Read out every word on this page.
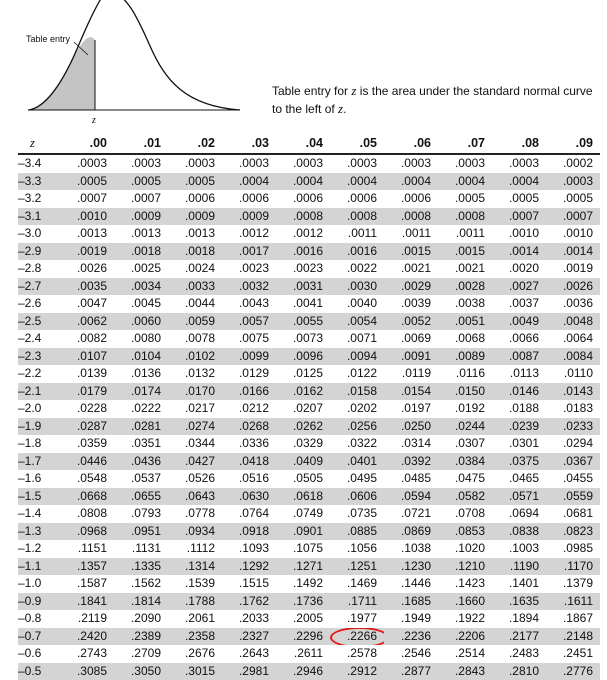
Table entry
z
Table entry for z is the area under the standard normal curve to the left of z.
z	.00	.01	.02	.03	.04	.05	.06	.07	.08	.09
–3.4	.0003	.0003	.0003	.0003	.0003	.0003	.0003	.0003	.0003	.0002
–3.3	.0005	.0005	.0005	.0004	.0004	.0004	.0004	.0004	.0004	.0003
–3.2	.0007	.0007	.0006	.0006	.0006	.0006	.0006	.0005	.0005	.0005
–3.1	.0010	.0009	.0009	.0009	.0008	.0008	.0008	.0008	.0007	.0007
–3.0	.0013	.0013	.0013	.0012	.0012	.0011	.0011	.0011	.0010	.0010
–2.9	.0019	.0018	.0018	.0017	.0016	.0016	.0015	.0015	.0014	.0014
–2.8	.0026	.0025	.0024	.0023	.0023	.0022	.0021	.0021	.0020	.0019
–2.7	.0035	.0034	.0033	.0032	.0031	.0030	.0029	.0028	.0027	.0026
–2.6	.0047	.0045	.0044	.0043	.0041	.0040	.0039	.0038	.0037	.0036
–2.5	.0062	.0060	.0059	.0057	.0055	.0054	.0052	.0051	.0049	.0048
–2.4	.0082	.0080	.0078	.0075	.0073	.0071	.0069	.0068	.0066	.0064
–2.3	.0107	.0104	.0102	.0099	.0096	.0094	.0091	.0089	.0087	.0084
–2.2	.0139	.0136	.0132	.0129	.0125	.0122	.0119	.0116	.0113	.0110
–2.1	.0179	.0174	.0170	.0166	.0162	.0158	.0154	.0150	.0146	.0143
–2.0	.0228	.0222	.0217	.0212	.0207	.0202	.0197	.0192	.0188	.0183
–1.9	.0287	.0281	.0274	.0268	.0262	.0256	.0250	.0244	.0239	.0233
–1.8	.0359	.0351	.0344	.0336	.0329	.0322	.0314	.0307	.0301	.0294
–1.7	.0446	.0436	.0427	.0418	.0409	.0401	.0392	.0384	.0375	.0367
–1.6	.0548	.0537	.0526	.0516	.0505	.0495	.0485	.0475	.0465	.0455
–1.5	.0668	.0655	.0643	.0630	.0618	.0606	.0594	.0582	.0571	.0559
–1.4	.0808	.0793	.0778	.0764	.0749	.0735	.0721	.0708	.0694	.0681
–1.3	.0968	.0951	.0934	.0918	.0901	.0885	.0869	.0853	.0838	.0823
–1.2	.1151	.1131	.1112	.1093	.1075	.1056	.1038	.1020	.1003	.0985
–1.1	.1357	.1335	.1314	.1292	.1271	.1251	.1230	.1210	.1190	.1170
–1.0	.1587	.1562	.1539	.1515	.1492	.1469	.1446	.1423	.1401	.1379
–0.9	.1841	.1814	.1788	.1762	.1736	.1711	.1685	.1660	.1635	.1611
–0.8	.2119	.2090	.2061	.2033	.2005	.1977	.1949	.1922	.1894	.1867
–0.7	.2420	.2389	.2358	.2327	.2296	.2266	.2236	.2206	.2177	.2148
–0.6	.2743	.2709	.2676	.2643	.2611	.2578	.2546	.2514	.2483	.2451
–0.5	.3085	.3050	.3015	.2981	.2946	.2912	.2877	.2843	.2810	.2776
